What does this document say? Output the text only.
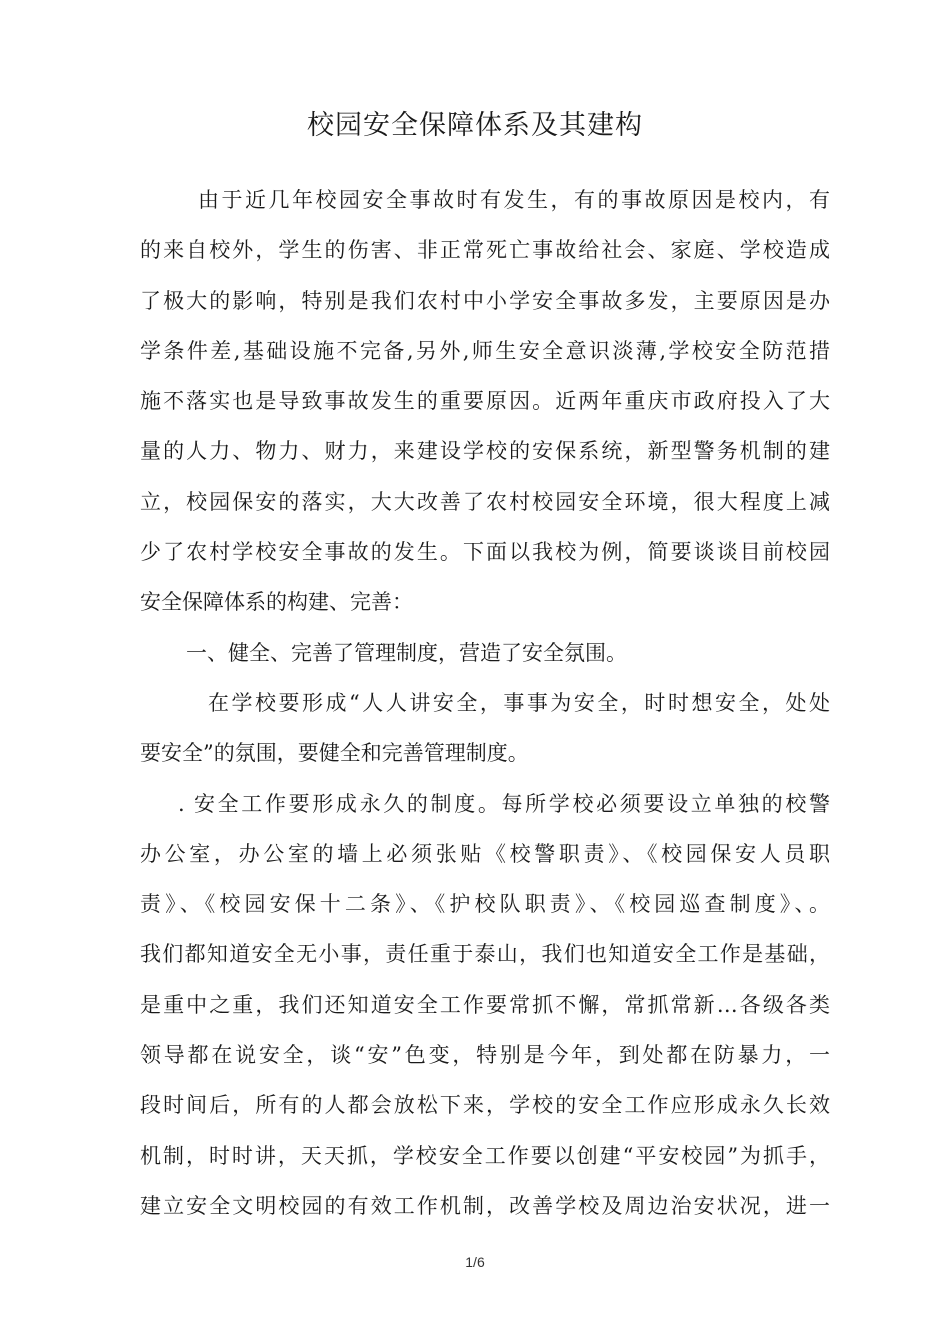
校园安全保障体系及其建构
由于近几年校园安全事故时有发生，有的事故原因是校内，有
的来自校外，学生的伤害、非正常死亡事故给社会、家庭、学校造成
了极大的影响，特别是我们农村中小学安全事故多发，主要原因是办
学条件差,基础设施不完备,另外,师生安全意识淡薄,学校安全防范措
施不落实也是导致事故发生的重要原因。近两年重庆市政府投入了大
量的人力、物力、财力，来建设学校的安保系统，新型警务机制的建
立，校园保安的落实，大大改善了农村校园安全环境，很大程度上减
少了农村学校安全事故的发生。下面以我校为例，简要谈谈目前校园
安全保障体系的构建、完善：
一、健全、完善了管理制度，营造了安全氛围。
在学校要形成“人人讲安全，事事为安全，时时想安全，处处
要安全”的氛围，要健全和完善管理制度。
. 安全工作要形成永久的制度。每所学校必须要设立单独的校警
办公室，办公室的墙上必须张贴《校警职责》、《校园保安人员职
责》、《校园安保十二条》、《护校队职责》、《校园巡查制度》、。
我们都知道安全无小事，责任重于泰山，我们也知道安全工作是基础，
是重中之重，我们还知道安全工作要常抓不懈，常抓常新…各级各类
领导都在说安全，谈“安”色变，特别是今年，到处都在防暴力，一
段时间后，所有的人都会放松下来，学校的安全工作应形成永久长效
机制，时时讲，天天抓，学校安全工作要以创建“平安校园”为抓手，
建立安全文明校园的有效工作机制，改善学校及周边治安状况，进一
1/6
